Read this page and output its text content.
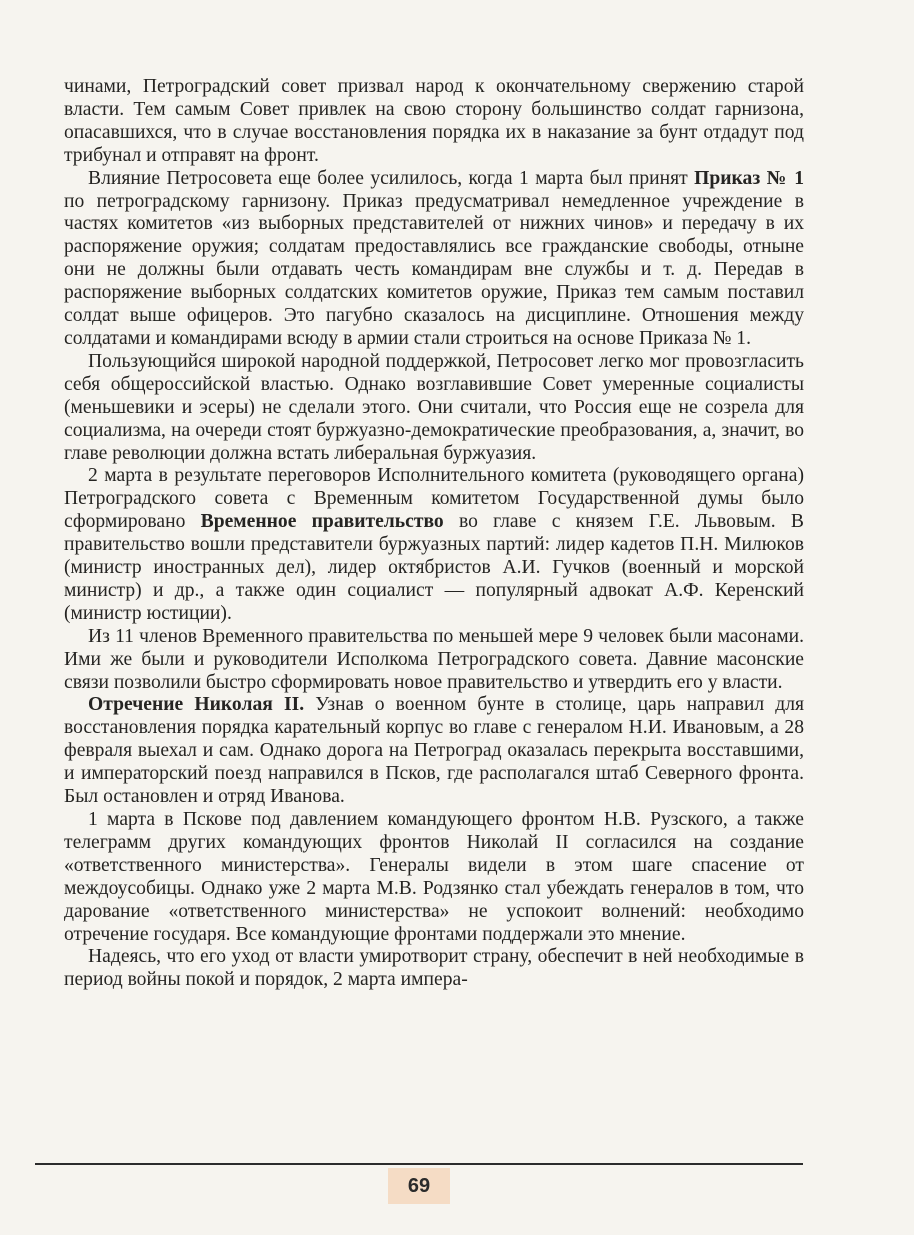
чинами, Петроградский совет призвал народ к окончательному свержению старой власти. Тем самым Совет привлек на свою сторону большинство солдат гарнизона, опасавшихся, что в случае восстановления порядка их в наказание за бунт отдадут под трибунал и отправят на фронт.

Влияние Петросовета еще более усилилось, когда 1 марта был принят Приказ № 1 по петроградскому гарнизону. Приказ предусматривал немедленное учреждение в частях комитетов «из выборных представителей от нижних чинов» и передачу в их распоряжение оружия; солдатам предоставлялись все гражданские свободы, отныне они не должны были отдавать честь командирам вне службы и т. д. Передав в распоряжение выборных солдатских комитетов оружие, Приказ тем самым поставил солдат выше офицеров. Это пагубно сказалось на дисциплине. Отношения между солдатами и командирами всюду в армии стали строиться на основе Приказа № 1.

Пользующийся широкой народной поддержкой, Петросовет легко мог провозгласить себя общероссийской властью. Однако возглавившие Совет умеренные социалисты (меньшевики и эсеры) не сделали этого. Они считали, что Россия еще не созрела для социализма, на очереди стоят буржуазно-демократические преобразования, а, значит, во главе революции должна встать либеральная буржуазия.

2 марта в результате переговоров Исполнительного комитета (руководящего органа) Петроградского совета с Временным комитетом Государственной думы было сформировано Временное правительство во главе с князем Г.Е. Львовым. В правительство вошли представители буржуазных партий: лидер кадетов П.Н. Милюков (министр иностранных дел), лидер октябристов А.И. Гучков (военный и морской министр) и др., а также один социалист — популярный адвокат А.Ф. Керенский (министр юстиции).

Из 11 членов Временного правительства по меньшей мере 9 человек были масонами. Ими же были и руководители Исполкома Петроградского совета. Давние масонские связи позволили быстро сформировать новое правительство и утвердить его у власти.

Отречение Николая II. Узнав о военном бунте в столице, царь направил для восстановления порядка карательный корпус во главе с генералом Н.И. Ивановым, а 28 февраля выехал и сам. Однако дорога на Петроград оказалась перекрыта восставшими, и императорский поезд направился в Псков, где располагался штаб Северного фронта. Был остановлен и отряд Иванова.

1 марта в Пскове под давлением командующего фронтом Н.В. Рузского, а также телеграмм других командующих фронтов Николай II согласился на создание «ответственного министерства». Генералы видели в этом шаге спасение от междоусобицы. Однако уже 2 марта М.В. Родзянко стал убеждать генералов в том, что дарование «ответственного министерства» не успокоит волнений: необходимо отречение государя. Все командующие фронтами поддержали это мнение.

Надеясь, что его уход от власти умиротворит страну, обеспечит в ней необходимые в период войны покой и порядок, 2 марта импера-

69
